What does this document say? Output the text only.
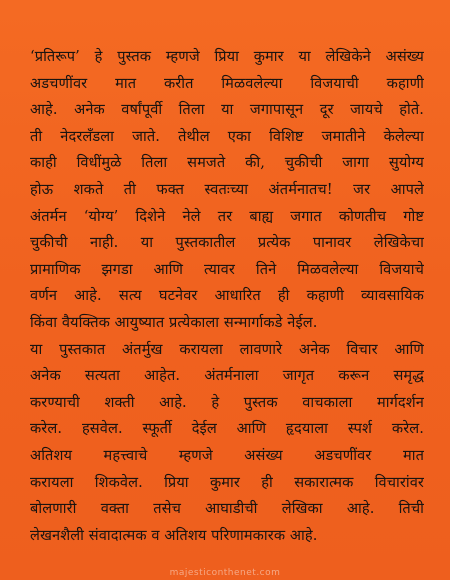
‘प्रतिरूप’ हे पुस्तक म्हणजे प्रिया कुमार या लेखिकेने असंख्य
अडचणींवर मात करीत मिळवलेल्या विजयाची कहाणी
आहे. अनेक वर्षांपूर्वी तिला या जगापासून दूर जायचे होते.
ती नेदरलँडला जाते. तेथील एका विशिष्ट जमातीने केलेल्या
काही विधींमुळे तिला समजते की, चुकीची जागा सुयोग्य
होऊ शकते ती फक्त स्वतःच्या अंतर्मनातच! जर आपले
अंतर्मन ‘योग्य’ दिशेने नेले तर बाह्य जगात कोणतीच गोष्ट
चुकीची नाही. या पुस्तकातील प्रत्येक पानावर लेखिकेचा
प्रामाणिक झगडा आणि त्यावर तिने मिळवलेल्या विजयाचे
वर्णन आहे. सत्य घटनेवर आधारित ही कहाणी व्यावसायिक
किंवा वैयक्तिक आयुष्यात प्रत्येकाला सन्मार्गाकडे नेईल.
या पुस्तकात अंतर्मुख करायला लावणारे अनेक विचार आणि
अनेक सत्यता आहेत. अंतर्मनाला जागृत करून समृद्ध
करण्याची शक्ती आहे. हे पुस्तक वाचकाला मार्गदर्शन
करेल. हसवेल. स्फूर्ती देईल आणि हृदयाला स्पर्श करेल.
अतिशय महत्त्वाचे म्हणजे असंख्य अडचणींवर मात
करायला शिकवेल. प्रिया कुमार ही सकारात्मक विचारांवर
बोलणारी वक्ता तसेच आघाडीची लेखिका आहे. तिची
लेखनशैली संवादात्मक व अतिशय परिणामकारक आहे.
majesticonthenet.com
